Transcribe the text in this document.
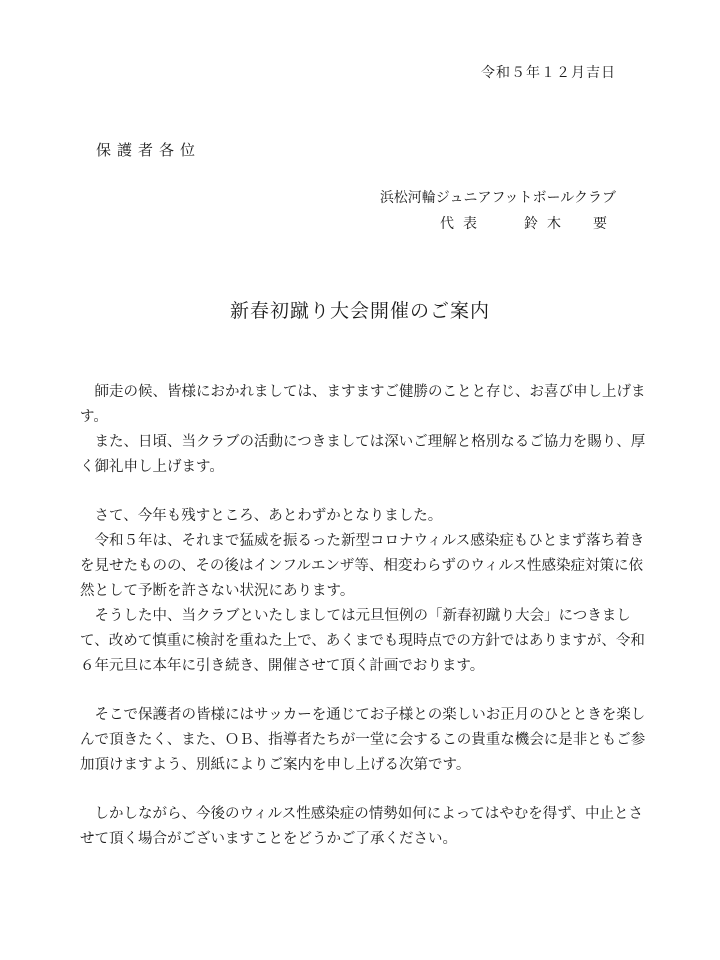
令和５年１２月吉日
保護者各位
浜松河輪ジュニアフットボールクラブ
代表	鈴木　要
新春初蹴り大会開催のご案内

師走の候、皆様におかれましては、ますますご健勝のことと存じ、お喜び申し上げます。

また、日頃、当クラブの活動につきましては深いご理解と格別なるご協力を賜り、厚く御礼申し上げます。

さて、今年も残すところ、あとわずかとなりました。

令和５年は、それまで猛威を振るった新型コロナウィルス感染症もひとまず落ち着きを見せたものの、その後はインフルエンザ等、相変わらずのウィルス性感染症対策に依然として予断を許さない状況にあります。

そうした中、当クラブといたしましては元旦恒例の「新春初蹴り大会」につきまして、改めて慎重に検討を重ねた上で、あくまでも現時点での方針ではありますが、令和６年元旦に本年に引き続き、開催させて頂く計画でおります。

そこで保護者の皆様にはサッカーを通じてお子様との楽しいお正月のひとときを楽しんで頂きたく、また、ＯＢ、指導者たちが一堂に会するこの貴重な機会に是非ともご参加頂けますよう、別紙によりご案内を申し上げる次第です。

しかしながら、今後のウィルス性感染症の情勢如何によってはやむを得ず、中止とさせて頂く場合がございますことをどうかご了承ください。
